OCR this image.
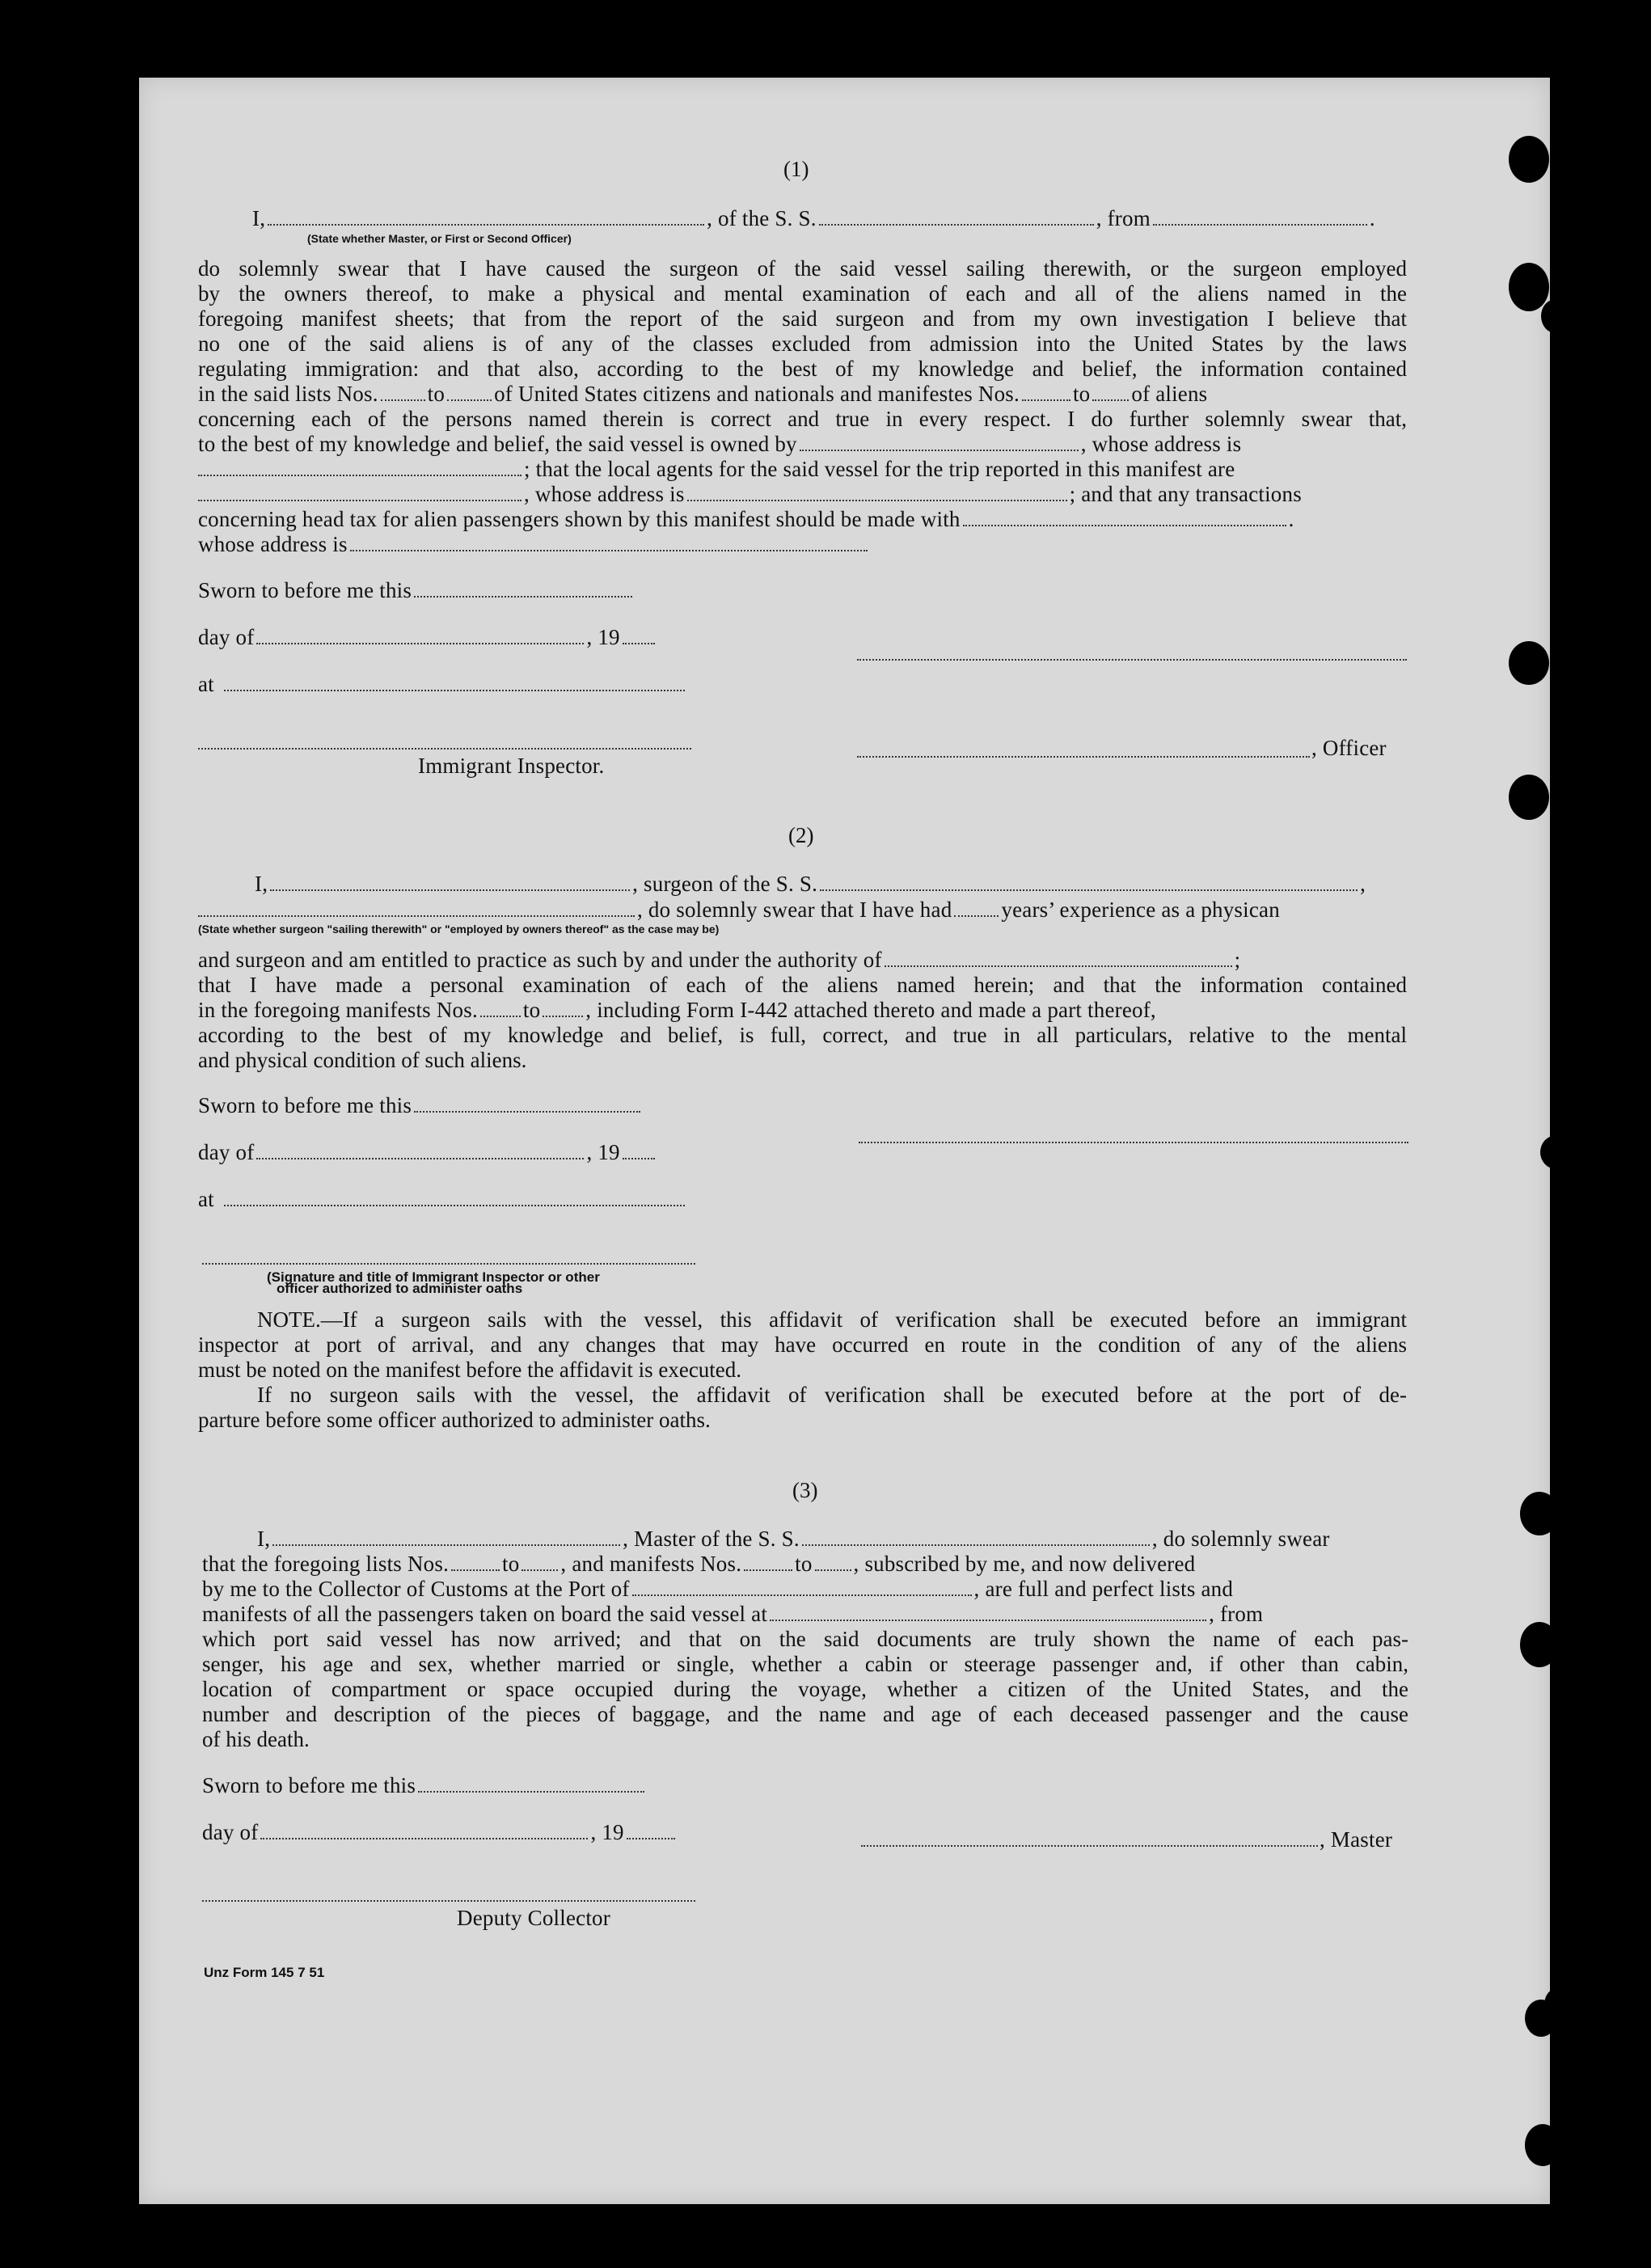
(1)
I,	, of the S. S.	, from	.
(State whether Master, or First or Second Officer)
do solemnly swear that I have caused the surgeon of the said vessel sailing therewith, or the surgeon employed
by the owners thereof, to make a physical and mental examination of each and all of the aliens named in the
foregoing manifest sheets; that from the report of the said surgeon and from my own investigation I believe that
no one of the said aliens is of any of the classes excluded from admission into the United States by the laws
regulating immigration: and that also, according to the best of my knowledge and belief, the information contained
in the said lists Nos. to of United States citizens and nationals and manifestes Nos. to of aliens
concerning each of the persons named therein is correct and true in every respect. I do further solemnly swear that,
to the best of my knowledge and belief, the said vessel is owned by	, whose address is
; that the local agents for the said vessel for the trip reported in this manifest are
, whose address is	; and that any transactions
concerning head tax for alien passengers shown by this manifest should be made with	.
whose address is
Sworn to before me this
day of	, 19
at
, Officer
Immigrant Inspector.
(2)
I,	, surgeon of the S. S.	,
, do solemnly swear that I have had years’ experience as a physican
(State whether surgeon "sailing therewith" or "employed by owners thereof" as the case may be)
and surgeon and am entitled to practice as such by and under the authority of	;
that I have made a personal examination of each of the aliens named herein; and that the information contained
in the foregoing manifests Nos. to , including Form I-442 attached thereto and made a part thereof,
according to the best of my knowledge and belief, is full, correct, and true in all particulars, relative to the mental
and physical condition of such aliens.
Sworn to before me this
day of	, 19
at
(Signature and title of Immigrant Inspector or other
officer authorized to administer oaths
NOTE.—If a surgeon sails with the vessel, this affidavit of verification shall be executed before an immigrant
inspector at port of arrival, and any changes that may have occurred en route in the condition of any of the aliens
must be noted on the manifest before the affidavit is executed.
If no surgeon sails with the vessel, the affidavit of verification shall be executed before at the port of de-
parture before some officer authorized to administer oaths.
(3)
I,	, Master of the S. S.	, do solemnly swear
that the foregoing lists Nos. to , and manifests Nos. to , subscribed by me, and now delivered
by me to the Collector of Customs at the Port of	, are full and perfect lists and
manifests of all the passengers taken on board the said vessel at	, from
which port said vessel has now arrived; and that on the said documents are truly shown the name of each pas-
senger, his age and sex, whether married or single, whether a cabin or steerage passenger and, if other than cabin,
location of compartment or space occupied during the voyage, whether a citizen of the United States, and the
number and description of the pieces of baggage, and the name and age of each deceased passenger and the cause
of his death.
Sworn to before me this
day of	, 19	, Master
Deputy Collector
Unz Form 145 7 51
